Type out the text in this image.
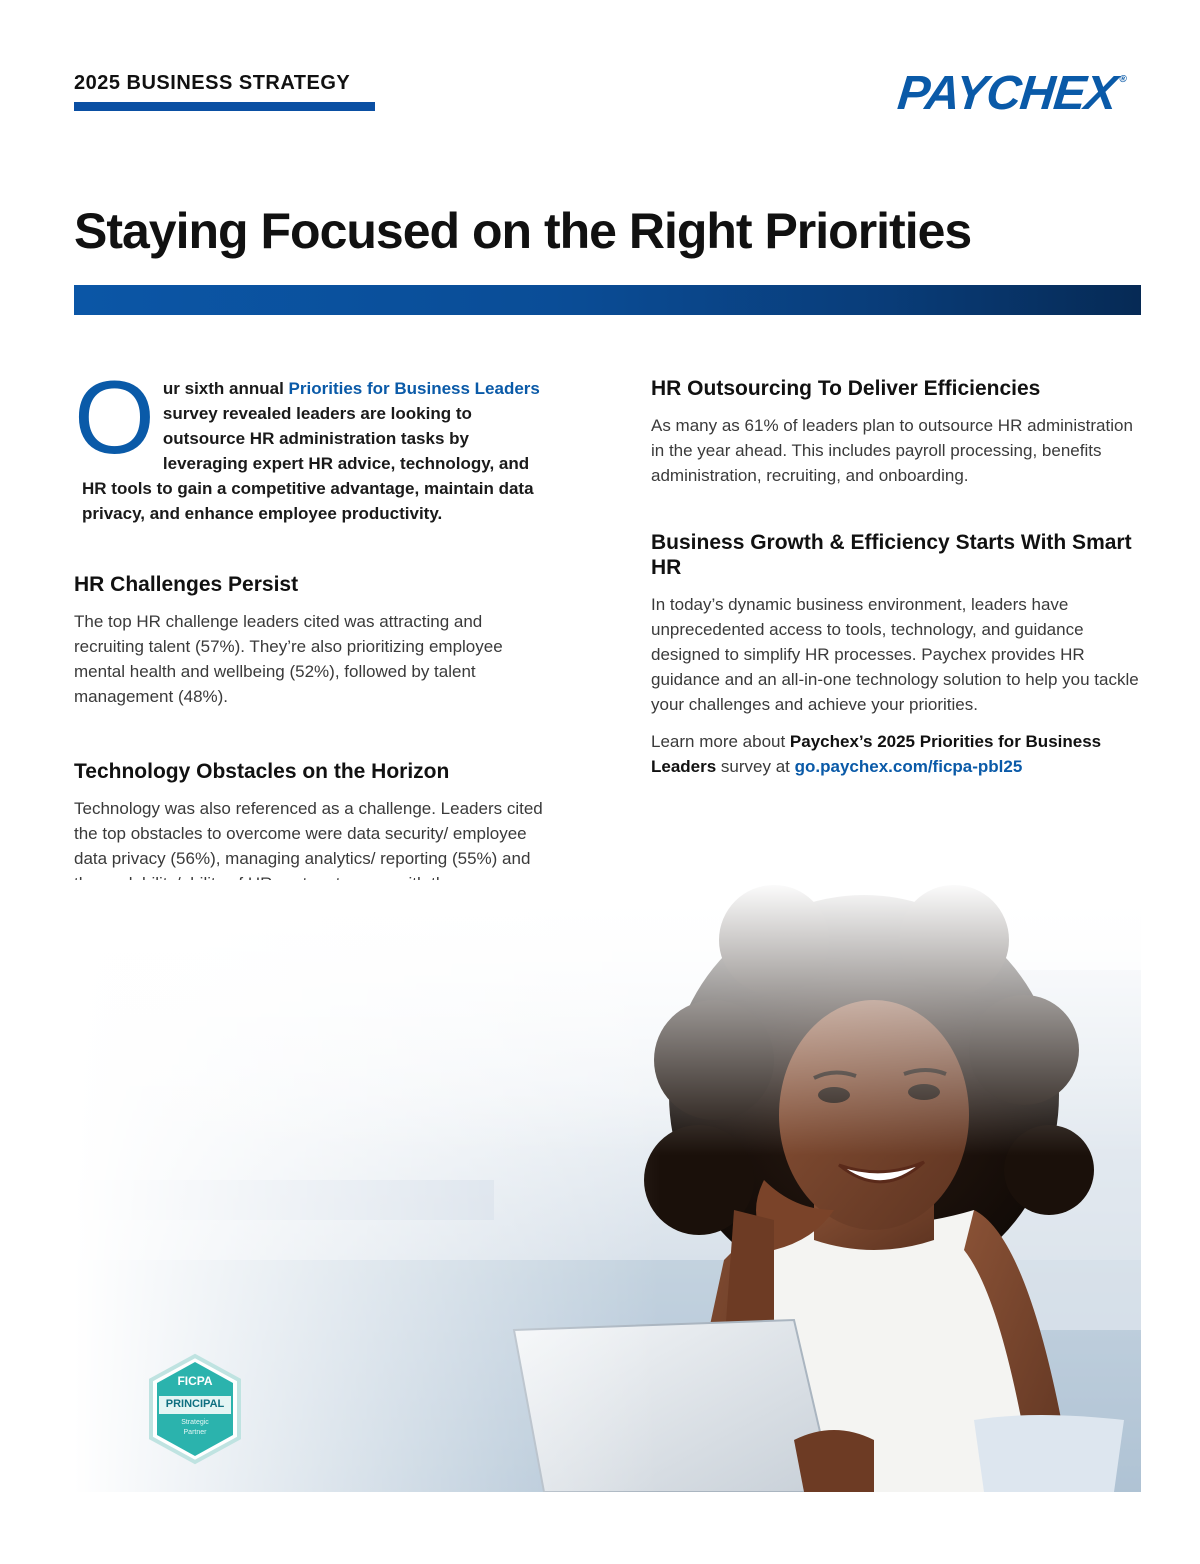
2025 BUSINESS STRATEGY	PAYCHEX®
Staying Focused on the Right Priorities

Our sixth annual Priorities for Business Leaders survey revealed leaders are looking to outsource HR administration tasks by leveraging expert HR advice, technology, and HR tools to gain a competitive advantage, maintain data privacy, and enhance employee productivity.

HR Challenges Persist

The top HR challenge leaders cited was attracting and recruiting talent (57%). They’re also prioritizing employee mental health and wellbeing (52%), followed by talent management (48%).

Technology Obstacles on the Horizon

Technology was also referenced as a challenge. Leaders cited the top obstacles to overcome were data security/ employee data privacy (56%), managing analytics/ reporting (55%) and

HR Outsourcing To Deliver Efficiencies

As many as 61% of leaders plan to outsource HR administration in the year ahead. This includes payroll processing, benefits administration, recruiting, and onboarding.

Business Growth & Efficiency Starts With Smart HR

In today’s dynamic business environment, leaders have unprecedented access to tools, technology, and guidance designed to simplify HR processes. Paychex provides HR guidance and an all-in-one technology solution to help you tackle your challenges and achieve your priorities.

Learn more about Paychex’s 2025 Priorities for Business Leaders survey at go.paychex.com/ficpa-pbl25

FICPA
PRINCIPAL
Strategic
Partner
